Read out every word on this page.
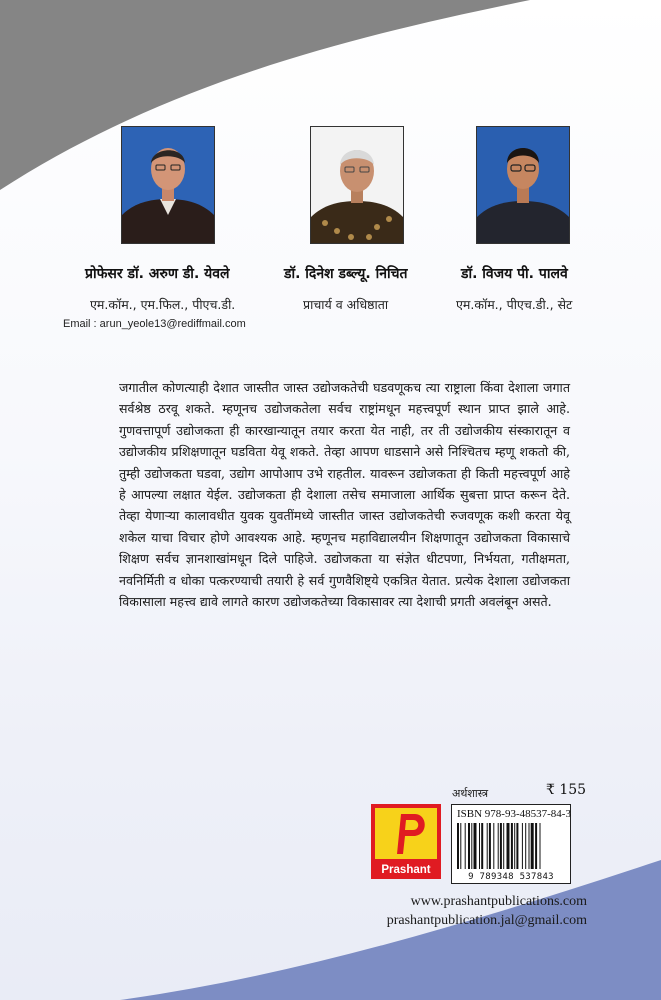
प्रोफेसर डॉ. अरुण डी. येवले
एम.कॉम., एम.फिल., पीएच.डी.
Email : arun_yeole13@rediffmail.com
डॉ. दिनेश डब्ल्यू. निचित
प्राचार्य व अधिष्ठाता
डॉ. विजय पी. पालवे
एम.कॉम., पीएच.डी., सेट
जगातील कोणत्याही देशात जास्तीत जास्त उद्योजकतेची घडवणूकच त्या राष्ट्राला किंवा देशाला जगात सर्वश्रेष्ठ ठरवू शकते. म्हणूनच उद्योजकतेला सर्वच राष्ट्रांमधून महत्त्वपूर्ण स्थान प्राप्त झाले आहे. गुणवत्तापूर्ण उद्योजकता ही कारखान्यातून तयार करता येत नाही, तर ती उद्योजकीय संस्कारातून व उद्योजकीय प्रशिक्षणातून घडविता येवू शकते. तेव्हा आपण धाडसाने असे निश्चितच म्हणू शकतो की, तुम्ही उद्योजकता घडवा, उद्योग आपोआप उभे राहतील. यावरून उद्योजकता ही किती महत्त्वपूर्ण आहे हे आपल्या लक्षात येईल. उद्योजकता ही देशाला तसेच समाजाला आर्थिक सुबत्ता प्राप्त करून देते. तेव्हा येणाऱ्या कालावधीत युवक युवतींमध्ये जास्तीत जास्त उद्योजकतेची रुजवणूक कशी करता येवू शकेल याचा विचार होणे आवश्यक आहे. म्हणूनच महाविद्यालयीन शिक्षणातून उद्योजकता विकासाचे शिक्षण सर्वच ज्ञानशाखांमधून दिले पाहिजे. उद्योजकता या संज्ञेत धीटपणा, निर्भयता, गतीक्षमता, नवनिर्मिती व धोका पत्करण्याची तयारी हे सर्व गुणवैशिष्ट्ये एकत्रित येतात. प्रत्येक देशाला उद्योजकता विकासाला महत्त्व द्यावे लागते कारण उद्योजकतेच्या विकासावर त्या देशाची प्रगती अवलंबून असते.
Prashant
अर्थशास्त्र	₹ 155
ISBN 978-93-48537-84-3
9 789348 537843
www.prashantpublications.com
prashantpublication.jal@gmail.com
